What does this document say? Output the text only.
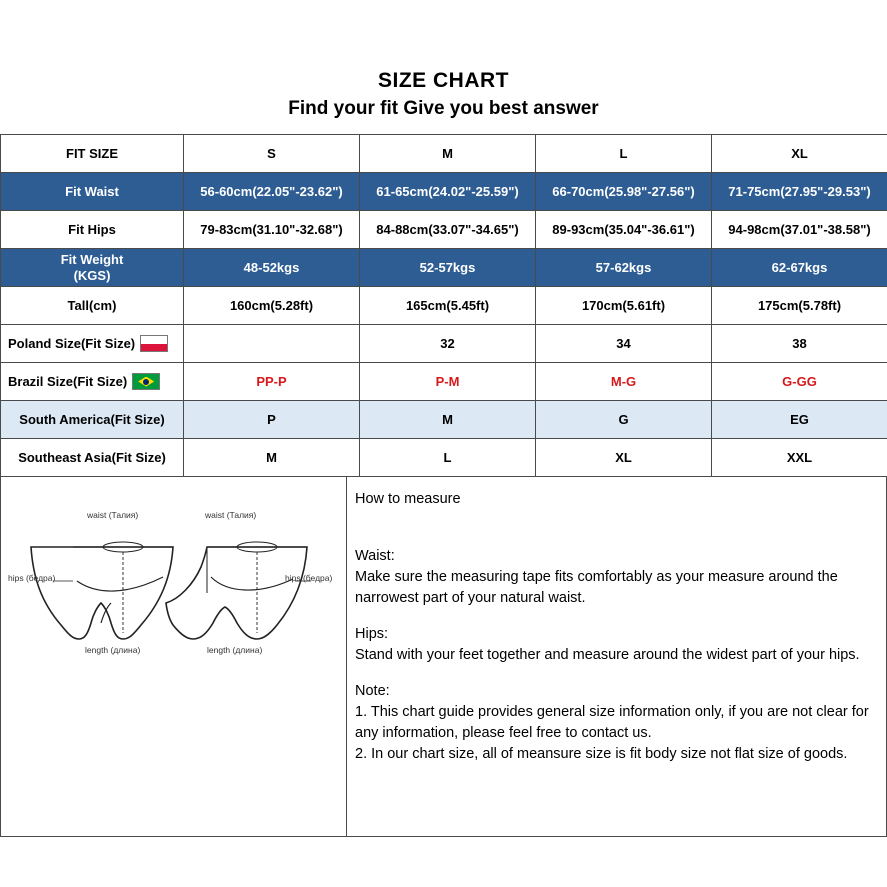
SIZE CHART
Find your fit Give you best answer
FIT SIZE	S	M	L	XL
Fit Waist	56-60cm(22.05"-23.62")	61-65cm(24.02"-25.59")	66-70cm(25.98"-27.56")	71-75cm(27.95"-29.53")
Fit Hips	79-83cm(31.10"-32.68")	84-88cm(33.07"-34.65")	89-93cm(35.04"-36.61")	94-98cm(37.01"-38.58")

Fit Weight
(KGS)	48-52kgs	52-57kgs	57-62kgs	62-67kgs
Tall(cm)	160cm(5.28ft)	165cm(5.45ft)	170cm(5.61ft)	175cm(5.78ft)

Poland Size(Fit Size)		32	34	38

Brazil Size(Fit Size)	PP-P	P-M	M-G	G-GG
South America(Fit Size)	P	M	G	EG
Southeast Asia(Fit Size)	M	L	XL	XXL
waist (Талия)	waist (Талия)
hips (бедра)	hips (бедра)
length (длина)	length (длина)

How to measure

Waist:

Make sure the measuring tape fits comfortably as your measure around the narrowest part of your natural waist.

Hips:

Stand with your feet together and measure around the widest part of your hips.

Note:

1. This chart guide provides general size information only, if you are not clear for any information, please feel free to contact us.

2. In our chart size, all of meansure size is fit body size not flat size of goods.
